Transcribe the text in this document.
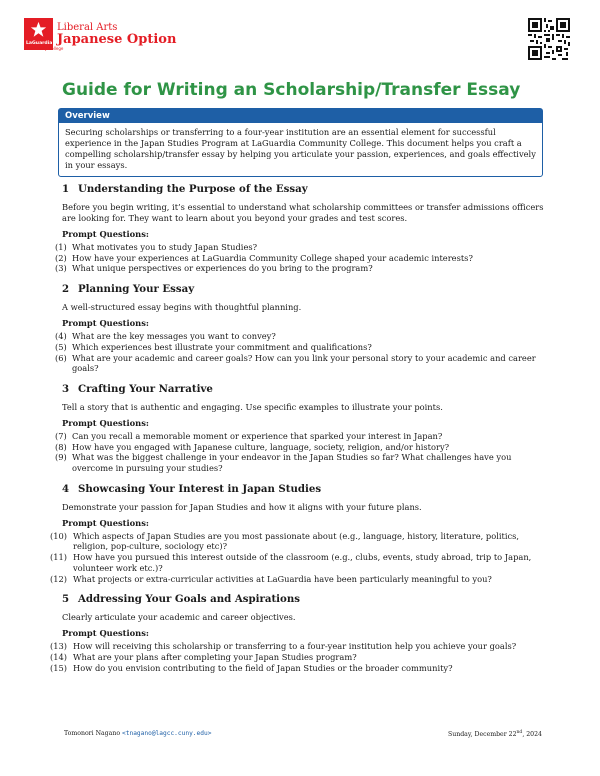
LaGuardia
Liberal Arts
Japanese Option
Community College
Guide for Writing an Scholarship/Transfer Essay
Overview
Securing scholarships or transferring to a four-year institution are an essential element for successful experience in the Japan Studies Program at LaGuardia Community College. This document helps you craft a compelling scholarship/transfer essay by helping you articulate your passion, experiences, and goals effectively in your essays.
1 Understanding the Purpose of the Essay

Before you begin writing, it’s essential to understand what scholarship committees or transfer admissions officers are looking for. They want to learn about you beyond your grades and test scores.

Prompt Questions:

(1) What motivates you to study Japan Studies?
(2) How have your experiences at LaGuardia Community College shaped your academic interests?
(3) What unique perspectives or experiences do you bring to the program?
2 Planning Your Essay

A well-structured essay begins with thoughtful planning.

Prompt Questions:

(4) What are the key messages you want to convey?
(5) Which experiences best illustrate your commitment and qualifications?
(6) What are your academic and career goals? How can you link your personal story to your academic and career goals?
3 Crafting Your Narrative

Tell a story that is authentic and engaging. Use specific examples to illustrate your points.

Prompt Questions:

(7) Can you recall a memorable moment or experience that sparked your interest in Japan?
(8) How have you engaged with Japanese culture, language, society, religion, and/or history?
(9) What was the biggest challenge in your endeavor in the Japan Studies so far? What challenges have you overcome in pursuing your studies?
4 Showcasing Your Interest in Japan Studies

Demonstrate your passion for Japan Studies and how it aligns with your future plans.

Prompt Questions:

(10) Which aspects of Japan Studies are you most passionate about (e.g., language, history, literature, politics, religion, pop-culture, sociology etc)?
(11) How have you pursued this interest outside of the classroom (e.g., clubs, events, study abroad, trip to Japan, volunteer work etc.)?
(12) What projects or extra-curricular activities at LaGuardia have been particularly meaningful to you?
5 Addressing Your Goals and Aspirations

Clearly articulate your academic and career objectives.

Prompt Questions:

(13) How will receiving this scholarship or transferring to a four-year institution help you achieve your goals?
(14) What are your plans after completing your Japan Studies program?
(15) How do you envision contributing to the field of Japan Studies or the broader community?
Tomonori Nagano <tnagano@lagcc.cuny.edu>	Sunday, December 22nd, 2024
